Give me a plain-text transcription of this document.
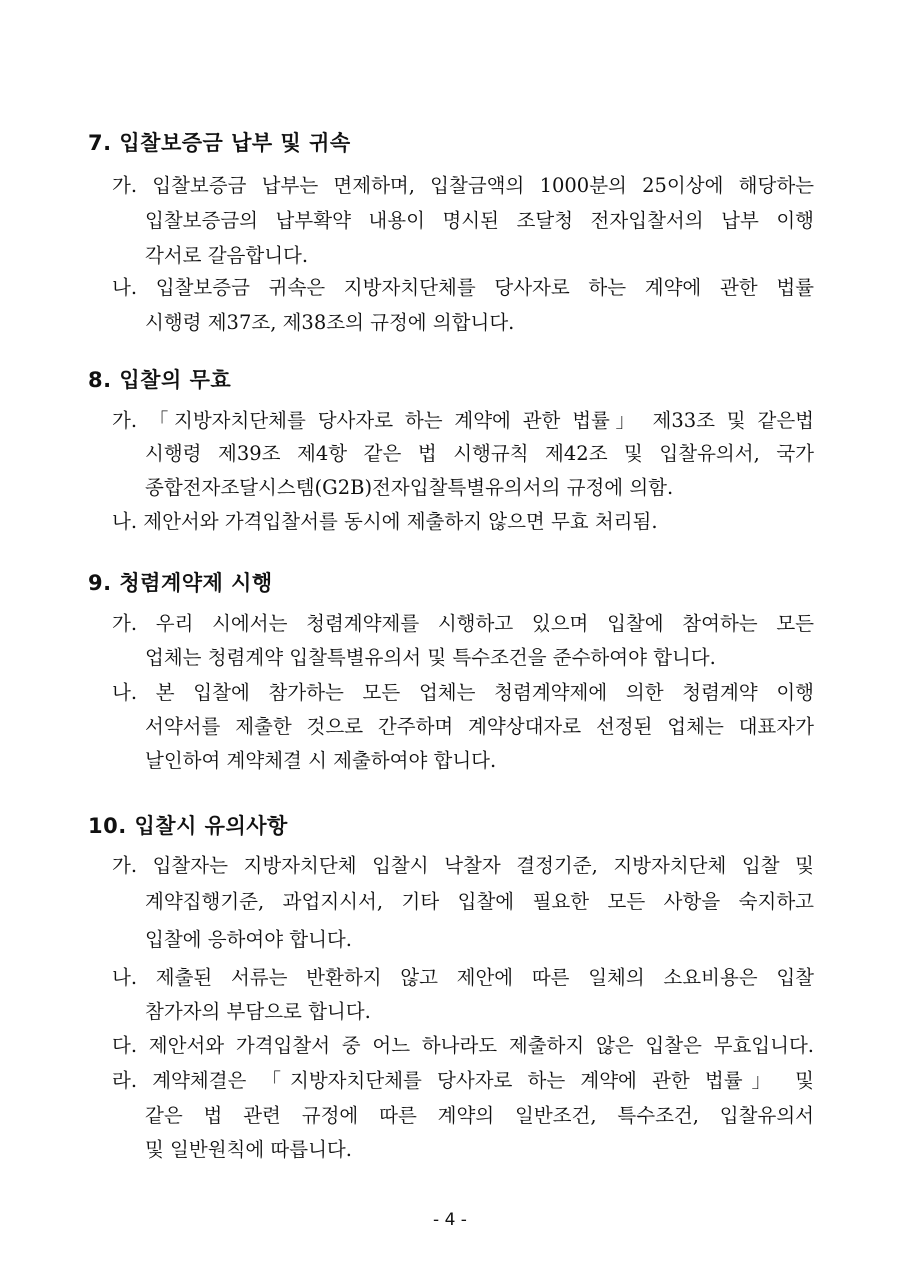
7. 입찰보증금 납부 및 귀속
가. 입찰보증금 납부는 면제하며, 입찰금액의 1000분의 25이상에 해당하는
입찰보증금의 납부확약 내용이 명시된 조달청 전자입찰서의 납부 이행
각서로 갈음합니다.
나. 입찰보증금 귀속은 지방자치단체를 당사자로 하는 계약에 관한 법률
시행령 제37조, 제38조의 규정에 의합니다.
8. 입찰의 무효
가. 「지방자치단체를 당사자로 하는 계약에 관한 법률」 제33조 및 같은법
시행령 제39조 제4항 같은 법 시행규칙 제42조 및 입찰유의서, 국가
종합전자조달시스템(G2B)전자입찰특별유의서의 규정에 의함.
나. 제안서와 가격입찰서를 동시에 제출하지 않으면 무효 처리됨.
9. 청렴계약제 시행
가. 우리 시에서는 청렴계약제를 시행하고 있으며 입찰에 참여하는 모든
업체는 청렴계약 입찰특별유의서 및 특수조건을 준수하여야 합니다.
나. 본 입찰에 참가하는 모든 업체는 청렴계약제에 의한 청렴계약 이행
서약서를 제출한 것으로 간주하며 계약상대자로 선정된 업체는 대표자가
날인하여 계약체결 시 제출하여야 합니다.
10. 입찰시 유의사항
가. 입찰자는 지방자치단체 입찰시 낙찰자 결정기준, 지방자치단체 입찰 및
계약집행기준, 과업지시서, 기타 입찰에 필요한 모든 사항을 숙지하고
입찰에 응하여야 합니다.
나. 제출된 서류는 반환하지 않고 제안에 따른 일체의 소요비용은 입찰
참가자의 부담으로 합니다.
다. 제안서와 가격입찰서 중 어느 하나라도 제출하지 않은 입찰은 무효입니다.
라. 계약체결은 「지방자치단체를 당사자로 하는 계약에 관한 법률」 및
같은 법 관련 규정에 따른 계약의 일반조건, 특수조건, 입찰유의서
및 일반원칙에 따릅니다.
- 4 -
